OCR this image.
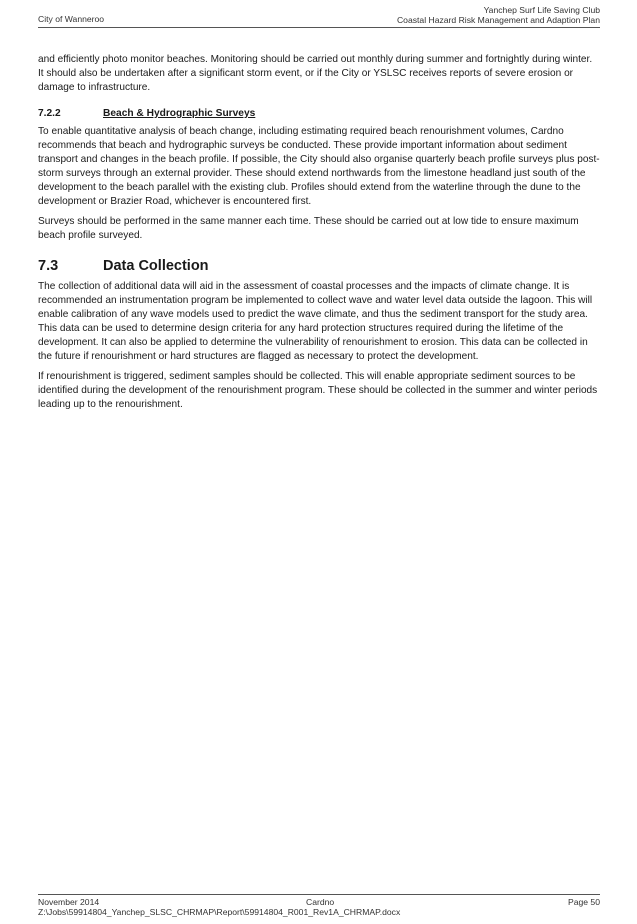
City of Wanneroo
Yanchep Surf Life Saving Club
Coastal Hazard Risk Management and Adaption Plan

and efficiently photo monitor beaches. Monitoring should be carried out monthly during summer and fortnightly during winter. It should also be undertaken after a significant storm event, or if the City or YSLSC receives reports of severe erosion or damage to infrastructure.

7.2.2	Beach & Hydrographic Surveys

To enable quantitative analysis of beach change, including estimating required beach renourishment volumes, Cardno recommends that beach and hydrographic surveys be conducted. These provide important information about sediment transport and changes in the beach profile. If possible, the City should also organise quarterly beach profile surveys plus post-storm surveys through an external provider. These should extend northwards from the limestone headland just south of the development to the beach parallel with the existing club. Profiles should extend from the waterline through the dune to the development or Brazier Road, whichever is encountered first.

Surveys should be performed in the same manner each time. These should be carried out at low tide to ensure maximum beach profile surveyed.

7.3	Data Collection

The collection of additional data will aid in the assessment of coastal processes and the impacts of climate change. It is recommended an instrumentation program be implemented to collect wave and water level data outside the lagoon. This will enable calibration of any wave models used to predict the wave climate, and thus the sediment transport for the study area. This data can be used to determine design criteria for any hard protection structures required during the lifetime of the development. It can also be applied to determine the vulnerability of renourishment to erosion. This data can be collected in the future if renourishment or hard structures are flagged as necessary to protect the development.

If renourishment is triggered, sediment samples should be collected. This will enable appropriate sediment sources to be identified during the development of the renourishment program. These should be collected in the summer and winter periods leading up to the renourishment.

November 2014	Cardno	Page 50
Z:\Jobs\59914804_Yanchep_SLSC_CHRMAP\Report\59914804_R001_Rev1A_CHRMAP.docx
